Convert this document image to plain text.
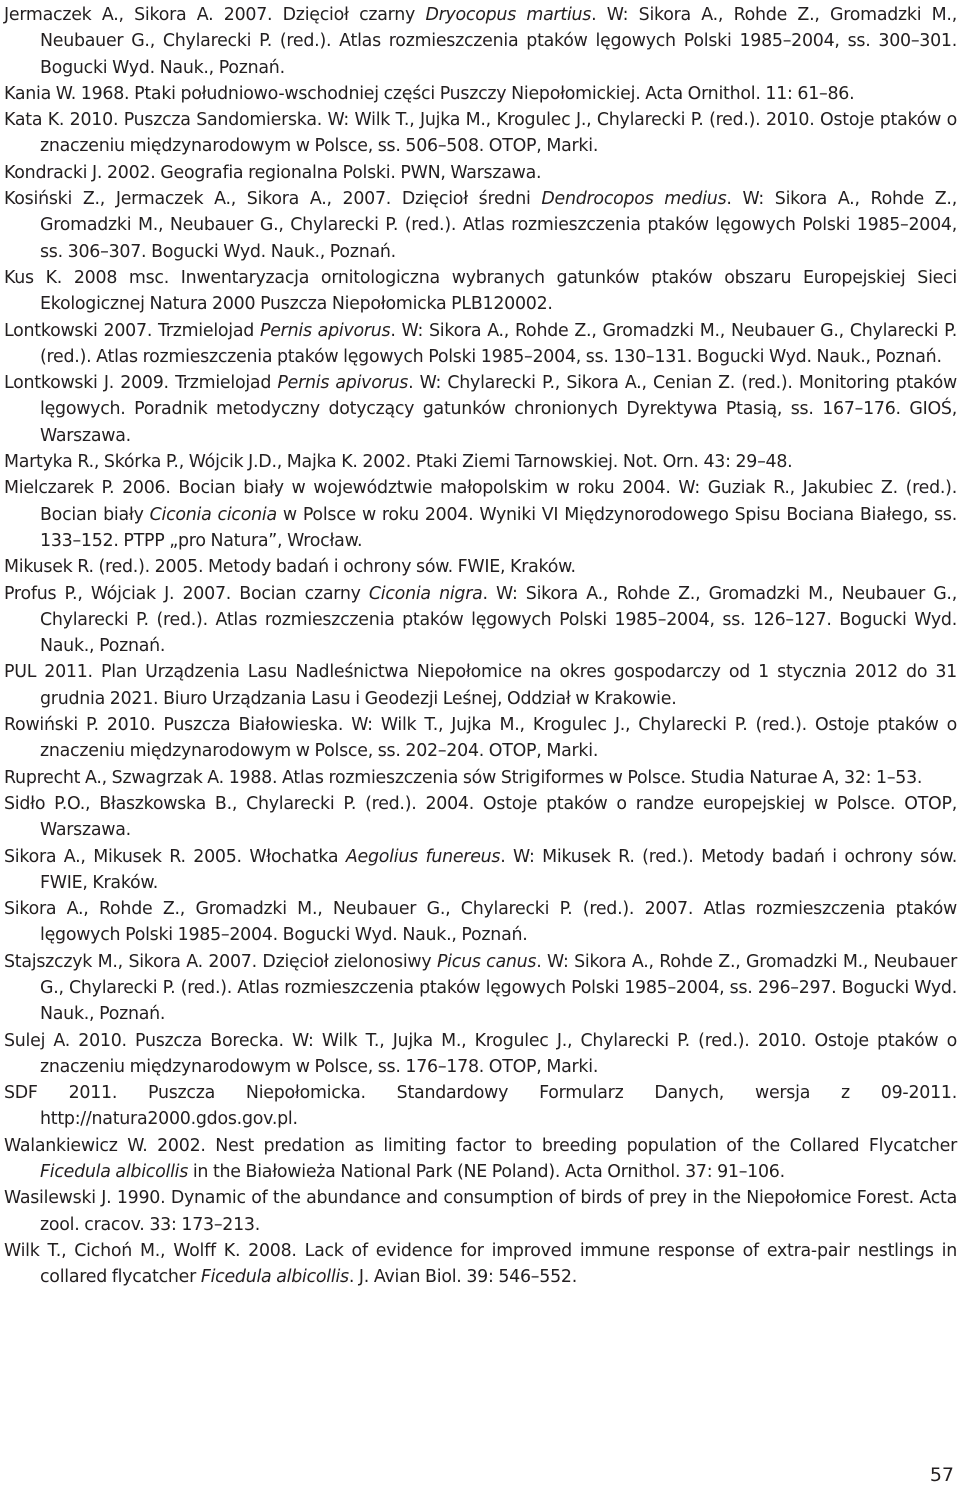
Jermaczek A., Sikora A. 2007. Dzięcioł czarny Dryocopus martius. W: Sikora A., Rohde Z., Gromadzki M., Neubauer G., Chylarecki P. (red.). Atlas rozmieszczenia ptaków lęgowych Polski 1985–2004, ss. 300–301. Bogucki Wyd. Nauk., Poznań.
Kania W. 1968. Ptaki południowo-wschodniej części Puszczy Niepołomickiej. Acta Ornithol. 11: 61–86.
Kata K. 2010. Puszcza Sandomierska. W: Wilk T., Jujka M., Krogulec J., Chylarecki P. (red.). 2010. Ostoje ptaków o znaczeniu międzynarodowym w Polsce, ss. 506–508. OTOP, Marki.
Kondracki J. 2002. Geografia regionalna Polski. PWN, Warszawa.
Kosiński Z., Jermaczek A., Sikora A., 2007. Dzięcioł średni Dendrocopos medius. W: Sikora A., Rohde Z., Gromadzki M., Neubauer G., Chylarecki P. (red.). Atlas rozmieszczenia ptaków lęgowych Polski 1985–2004, ss. 306–307. Bogucki Wyd. Nauk., Poznań.
Kus K. 2008 msc. Inwentaryzacja ornitologiczna wybranych gatunków ptaków obszaru Europejskiej Sieci Ekologicznej Natura 2000 Puszcza Niepołomicka PLB120002.
Lontkowski 2007. Trzmielojad Pernis apivorus. W: Sikora A., Rohde Z., Gromadzki M., Neubauer G., Chylarecki P. (red.). Atlas rozmieszczenia ptaków lęgowych Polski 1985–2004, ss. 130–131. Bogucki Wyd. Nauk., Poznań.
Lontkowski J. 2009. Trzmielojad Pernis apivorus. W: Chylarecki P., Sikora A., Cenian Z. (red.). Monitoring ptaków lęgowych. Poradnik metodyczny dotyczący gatunków chronionych Dyrektywa Ptasią, ss. 167–176. GIOŚ, Warszawa.
Martyka R., Skórka P., Wójcik J.D., Majka K. 2002. Ptaki Ziemi Tarnowskiej. Not. Orn. 43: 29–48.
Mielczarek P. 2006. Bocian biały w województwie małopolskim w roku 2004. W: Guziak R., Jakubiec Z. (red.). Bocian biały Ciconia ciconia w Polsce w roku 2004. Wyniki VI Międzynorodowego Spisu Bociana Białego, ss. 133–152. PTPP „pro Natura”, Wrocław.
Mikusek R. (red.). 2005. Metody badań i ochrony sów. FWIE, Kraków.
Profus P., Wójciak J. 2007. Bocian czarny Ciconia nigra. W: Sikora A., Rohde Z., Gromadzki M., Neubauer G., Chylarecki P. (red.). Atlas rozmieszczenia ptaków lęgowych Polski 1985–2004, ss. 126–127. Bogucki Wyd. Nauk., Poznań.
PUL 2011. Plan Urządzenia Lasu Nadleśnictwa Niepołomice na okres gospodarczy od 1 stycznia 2012 do 31 grudnia 2021. Biuro Urządzania Lasu i Geodezji Leśnej, Oddział w Krakowie.
Rowiński P. 2010. Puszcza Białowieska. W: Wilk T., Jujka M., Krogulec J., Chylarecki P. (red.). Ostoje ptaków o znaczeniu międzynarodowym w Polsce, ss. 202–204. OTOP, Marki.
Ruprecht A., Szwagrzak A. 1988. Atlas rozmieszczenia sów Strigiformes w Polsce. Studia Naturae A, 32: 1–53.
Sidło P.O., Błaszkowska B., Chylarecki P. (red.). 2004. Ostoje ptaków o randze europejskiej w Polsce. OTOP, Warszawa.
Sikora A., Mikusek R. 2005. Włochatka Aegolius funereus. W: Mikusek R. (red.). Metody badań i ochrony sów. FWIE, Kraków.
Sikora A., Rohde Z., Gromadzki M., Neubauer G., Chylarecki P. (red.). 2007. Atlas rozmieszczenia ptaków lęgowych Polski 1985–2004. Bogucki Wyd. Nauk., Poznań.
Stajszczyk M., Sikora A. 2007. Dzięcioł zielonosiwy Picus canus. W: Sikora A., Rohde Z., Gromadzki M., Neubauer G., Chylarecki P. (red.). Atlas rozmieszczenia ptaków lęgowych Polski 1985–2004, ss. 296–297. Bogucki Wyd. Nauk., Poznań.
Sulej A. 2010. Puszcza Borecka. W: Wilk T., Jujka M., Krogulec J., Chylarecki P. (red.). 2010. Ostoje ptaków o znaczeniu międzynarodowym w Polsce, ss. 176–178. OTOP, Marki.
SDF 2011. Puszcza Niepołomicka. Standardowy Formularz Danych, wersja z 09-2011. http://natura2000.gdos.gov.pl.
Walankiewicz W. 2002. Nest predation as limiting factor to breeding population of the Collared Flycatcher Ficedula albicollis in the Białowieża National Park (NE Poland). Acta Ornithol. 37: 91–106.
Wasilewski J. 1990. Dynamic of the abundance and consumption of birds of prey in the Niepołomice Forest. Acta zool. cracov. 33: 173–213.
Wilk T., Cichoń M., Wolff K. 2008. Lack of evidence for improved immune response of extra-pair nestlings in collared flycatcher Ficedula albicollis. J. Avian Biol. 39: 546–552.
57
